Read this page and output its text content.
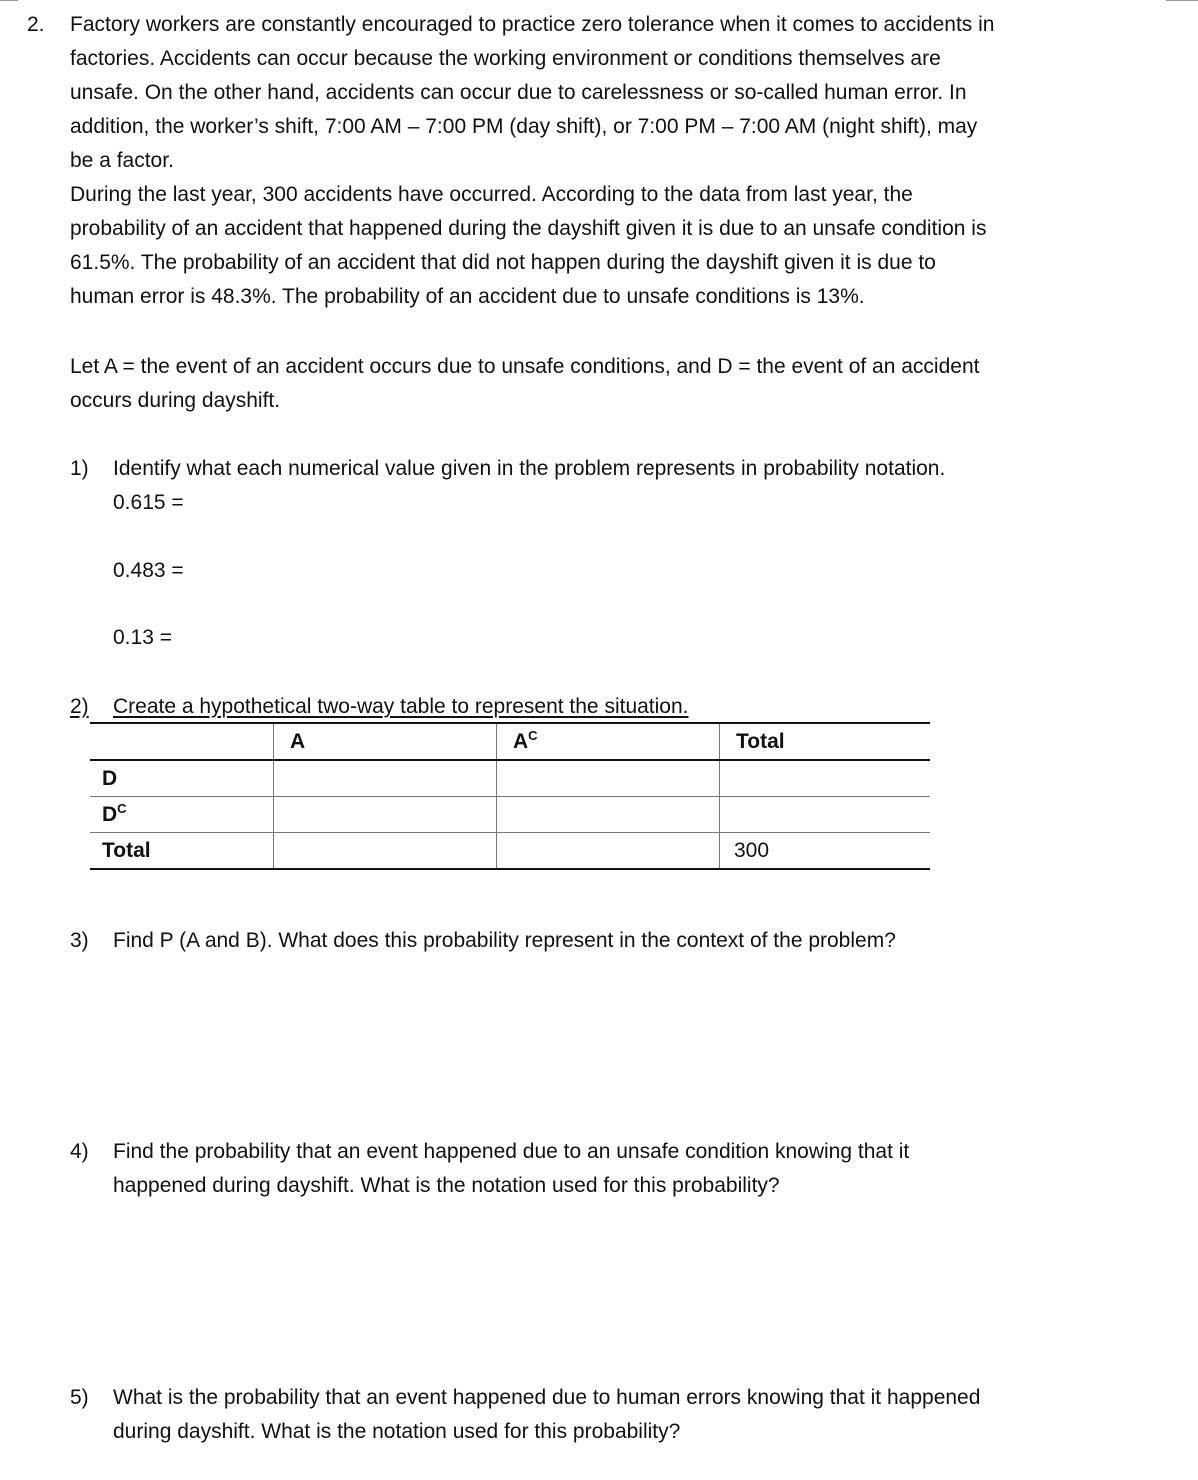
2. Factory workers are constantly encouraged to practice zero tolerance when it comes to accidents in

factories. Accidents can occur because the working environment or conditions themselves are

unsafe. On the other hand, accidents can occur due to carelessness or so-called human error. In

addition, the worker’s shift, 7:00 AM – 7:00 PM (day shift), or 7:00 PM – 7:00 AM (night shift), may

be a factor.

During the last year, 300 accidents have occurred. According to the data from last year, the

probability of an accident that happened during the dayshift given it is due to an unsafe condition is

61.5%. The probability of an accident that did not happen during the dayshift given it is due to

human error is 48.3%. The probability of an accident due to unsafe conditions is 13%.

Let A = the event of an accident occurs due to unsafe conditions, and D = the event of an accident

occurs during dayshift.

1) Identify what each numerical value given in the problem represents in probability notation.
0.615 =
0.483 =
0.13 =
2) Create a hypothetical two-way table to represent the situation.
	A	$A^C$	Total
D			
$D^C$			
Total			300
3) Find P (A and B). What does this probability represent in the context of the problem?
4) Find the probability that an event happened due to an unsafe condition knowing that it
happened during dayshift. What is the notation used for this probability?
5) What is the probability that an event happened due to human errors knowing that it happened
during dayshift. What is the notation used for this probability?
